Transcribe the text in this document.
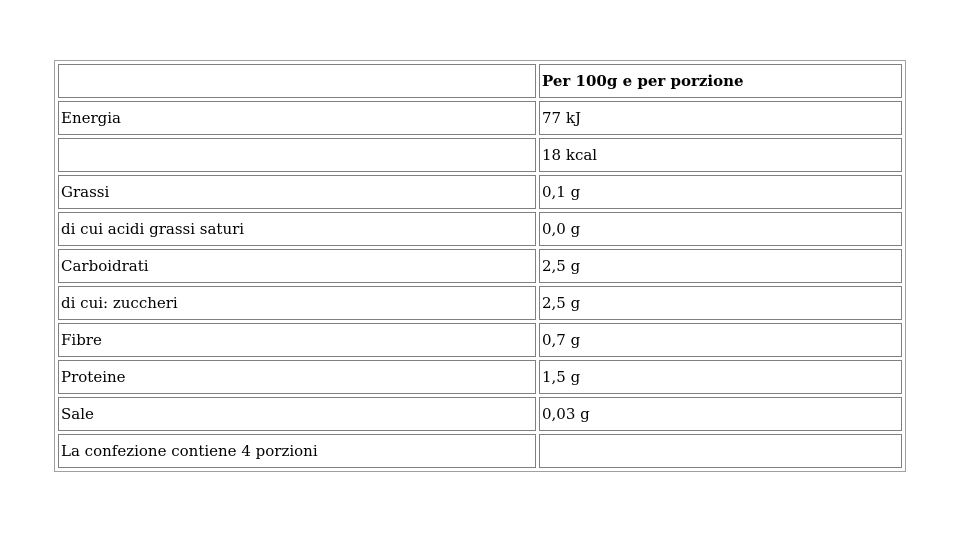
	Per 100g e per porzione
Energia	77 kJ
	18 kcal
Grassi	0,1 g
di cui acidi grassi saturi	0,0 g
Carboidrati	2,5 g
di cui: zuccheri	2,5 g
Fibre	0,7 g
Proteine	1,5 g
Sale	0,03 g
La confezione contiene 4 porzioni	
